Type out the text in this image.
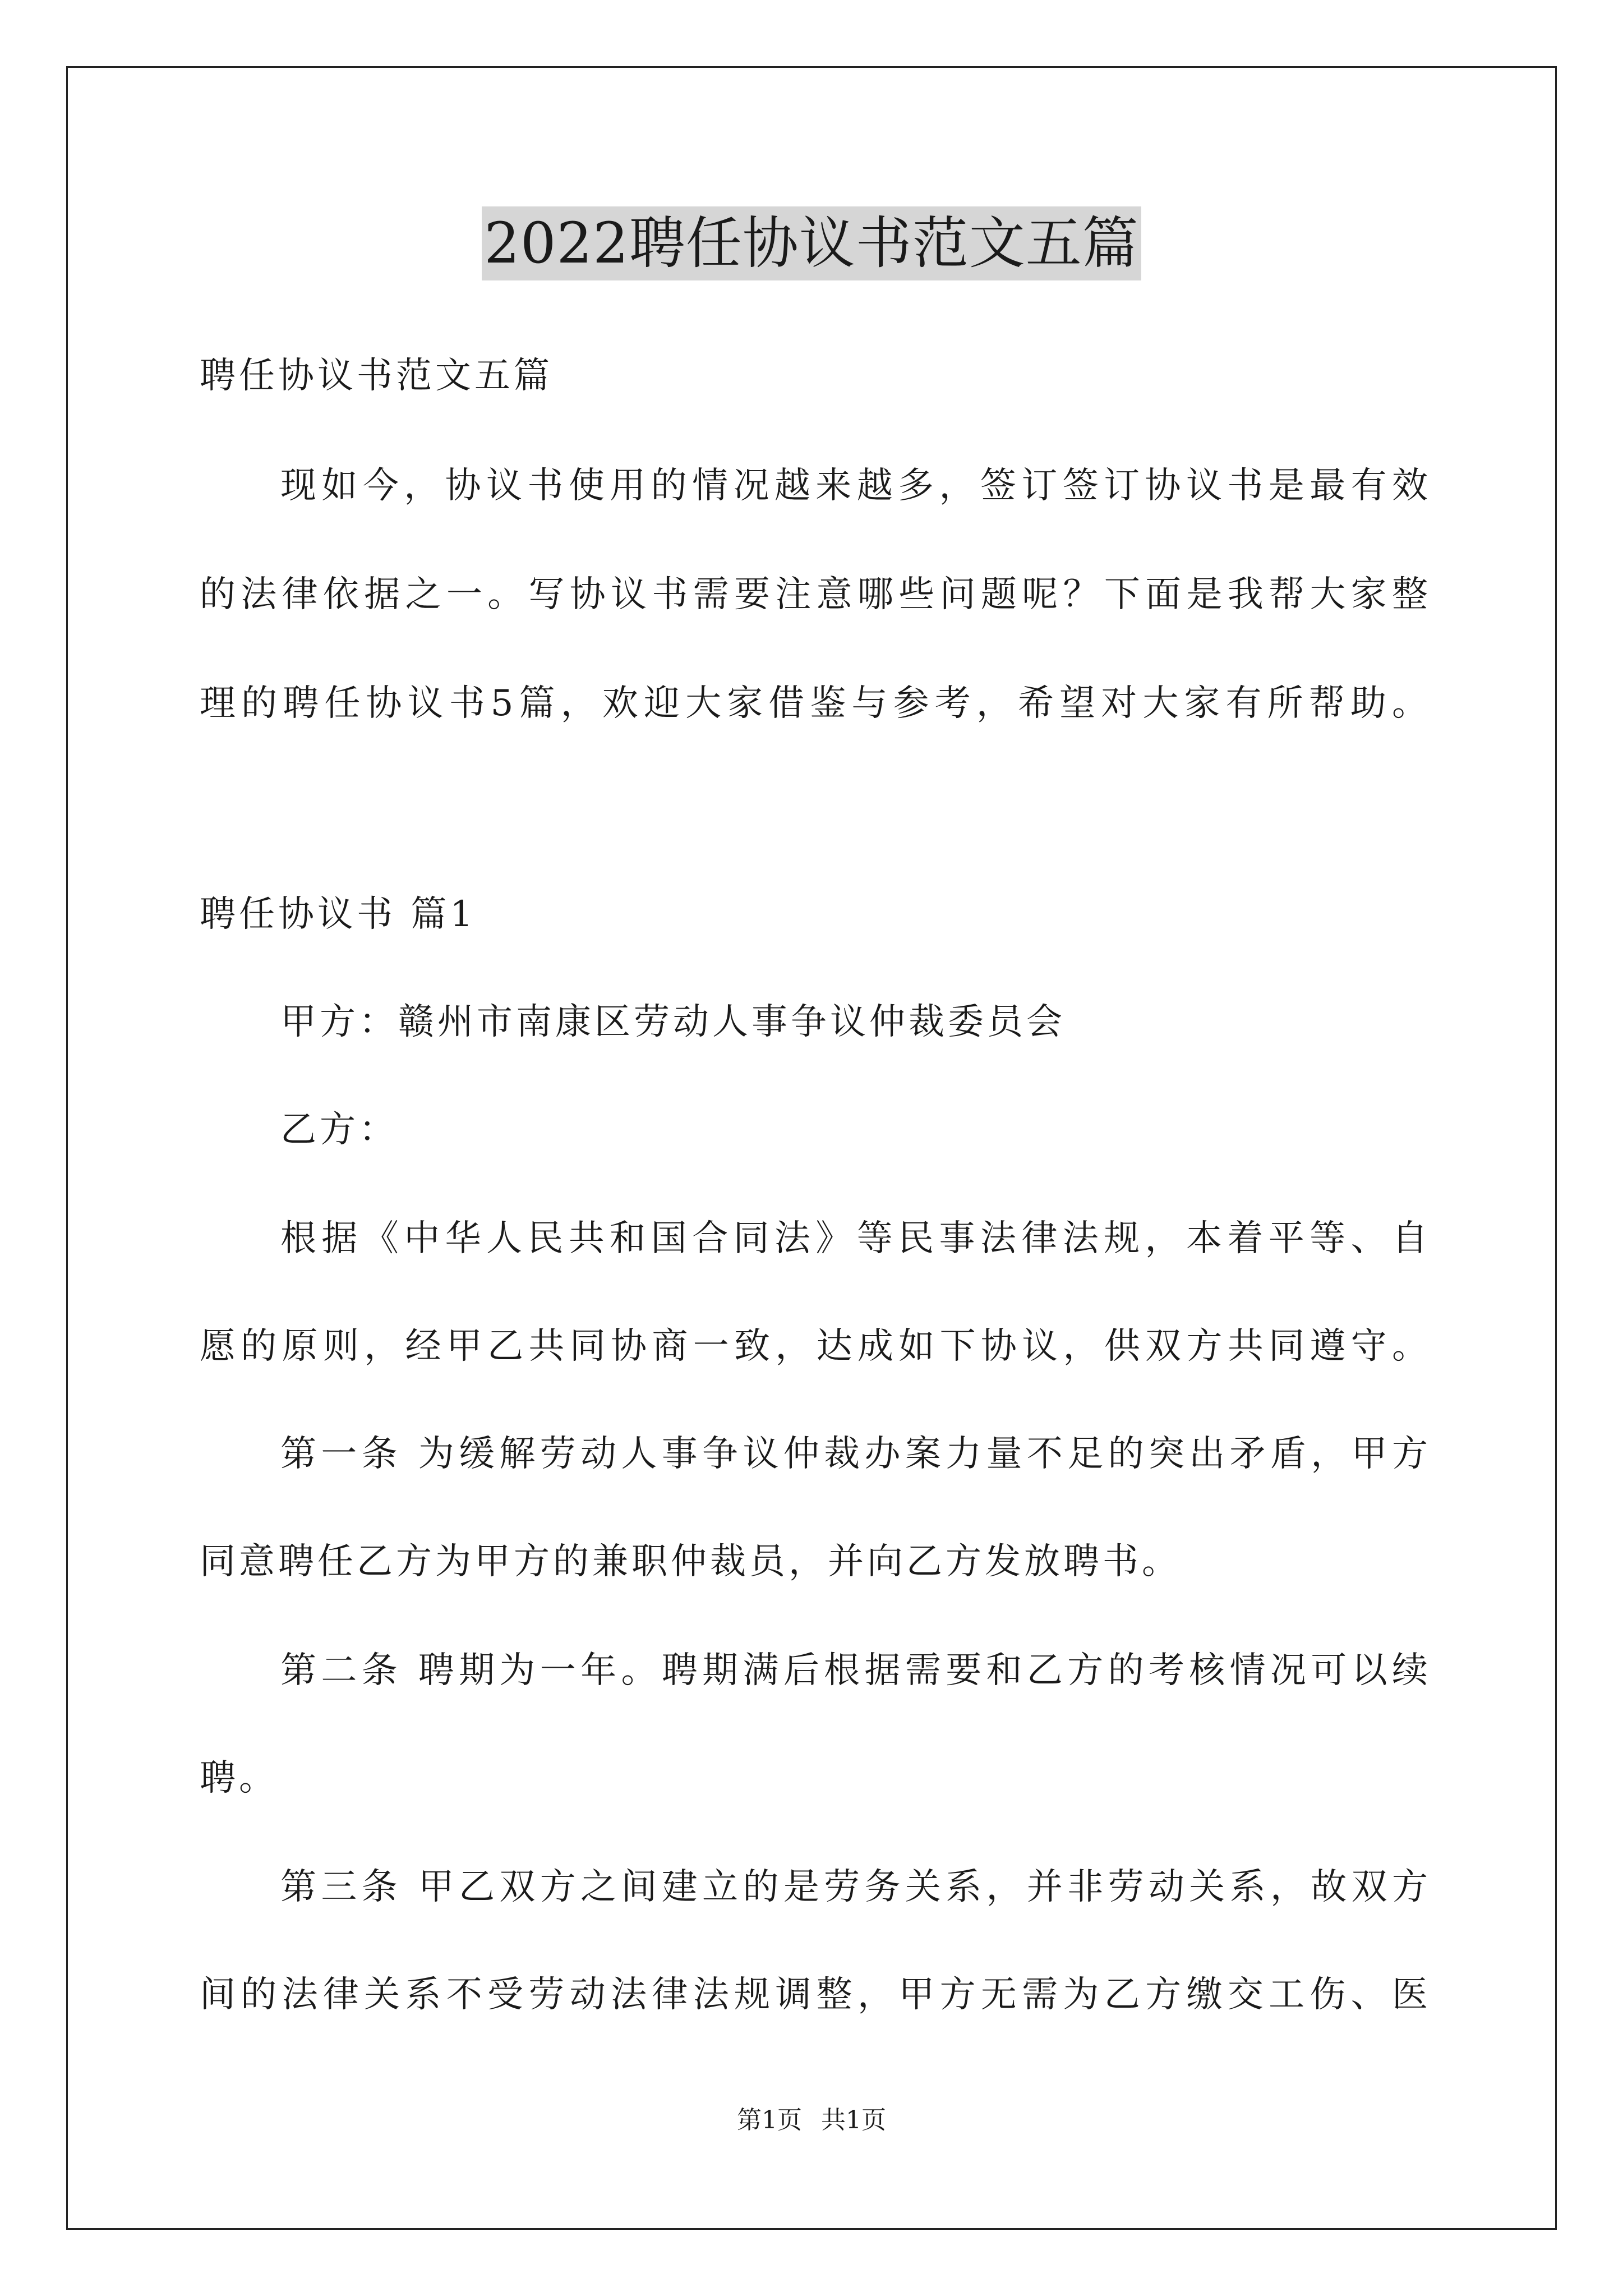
2022聘任协议书范文五篇
聘任协议书范文五篇
现如今，协议书使用的情况越来越多，签订签订协议书是最有效
的法律依据之一。写协议书需要注意哪些问题呢？下面是我帮大家整
理的聘任协议书5篇，欢迎大家借鉴与参考，希望对大家有所帮助。
聘任协议书 篇1
甲方：赣州市南康区劳动人事争议仲裁委员会
乙方：
根据《中华人民共和国合同法》等民事法律法规，本着平等、自
愿的原则，经甲乙共同协商一致，达成如下协议，供双方共同遵守。
第一条 为缓解劳动人事争议仲裁办案力量不足的突出矛盾，甲方
同意聘任乙方为甲方的兼职仲裁员，并向乙方发放聘书。
第二条 聘期为一年。聘期满后根据需要和乙方的考核情况可以续
聘。
第三条 甲乙双方之间建立的是劳务关系，并非劳动关系，故双方
间的法律关系不受劳动法律法规调整，甲方无需为乙方缴交工伤、医
第1页 共1页
